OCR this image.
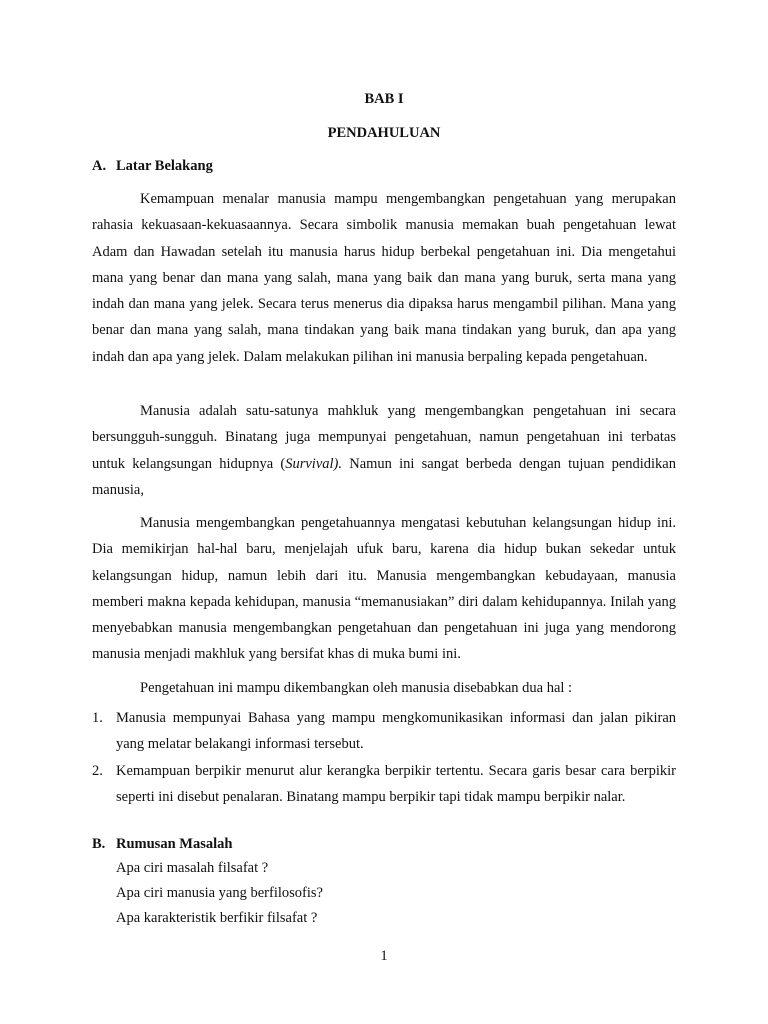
BAB I

PENDAHULUAN

A. Latar Belakang

Kemampuan menalar manusia mampu mengembangkan pengetahuan yang merupakan rahasia kekuasaan-kekuasaannya. Secara simbolik manusia memakan buah pengetahuan lewat Adam dan Hawadan setelah itu manusia harus hidup berbekal pengetahuan ini. Dia mengetahui mana yang benar dan mana yang salah, mana yang baik dan mana yang buruk, serta mana yang indah dan mana yang jelek. Secara terus menerus dia dipaksa harus mengambil pilihan. Mana yang benar dan mana yang salah, mana tindakan yang baik mana tindakan yang buruk, dan apa yang indah dan apa yang jelek. Dalam melakukan pilihan ini manusia berpaling kepada pengetahuan.

Manusia adalah satu-satunya mahkluk yang mengembangkan pengetahuan ini secara bersungguh-sungguh. Binatang juga mempunyai pengetahuan, namun pengetahuan ini terbatas untuk kelangsungan hidupnya (Survival). Namun ini sangat berbeda dengan tujuan pendidikan manusia,

Manusia mengembangkan pengetahuannya mengatasi kebutuhan kelangsungan hidup ini. Dia memikirjan hal-hal baru, menjelajah ufuk baru, karena dia hidup bukan sekedar untuk kelangsungan hidup, namun lebih dari itu. Manusia mengembangkan kebudayaan, manusia memberi makna kepada kehidupan, manusia “memanusiakan” diri dalam kehidupannya. Inilah yang menyebabkan manusia mengembangkan pengetahuan dan pengetahuan ini juga yang mendorong manusia menjadi makhluk yang bersifat khas di muka bumi ini.

Pengetahuan ini mampu dikembangkan oleh manusia disebabkan dua hal :

1. Manusia mempunyai Bahasa yang mampu mengkomunikasikan informasi dan jalan pikiran yang melatar belakangi informasi tersebut.
2. Kemampuan berpikir menurut alur kerangka berpikir tertentu. Secara garis besar cara berpikir seperti ini disebut penalaran. Binatang mampu berpikir tapi tidak mampu berpikir nalar.

B. Rumusan Masalah

Apa ciri masalah filsafat ?

Apa ciri manusia yang berfilosofis?

Apa karakteristik berfikir filsafat ?

1
